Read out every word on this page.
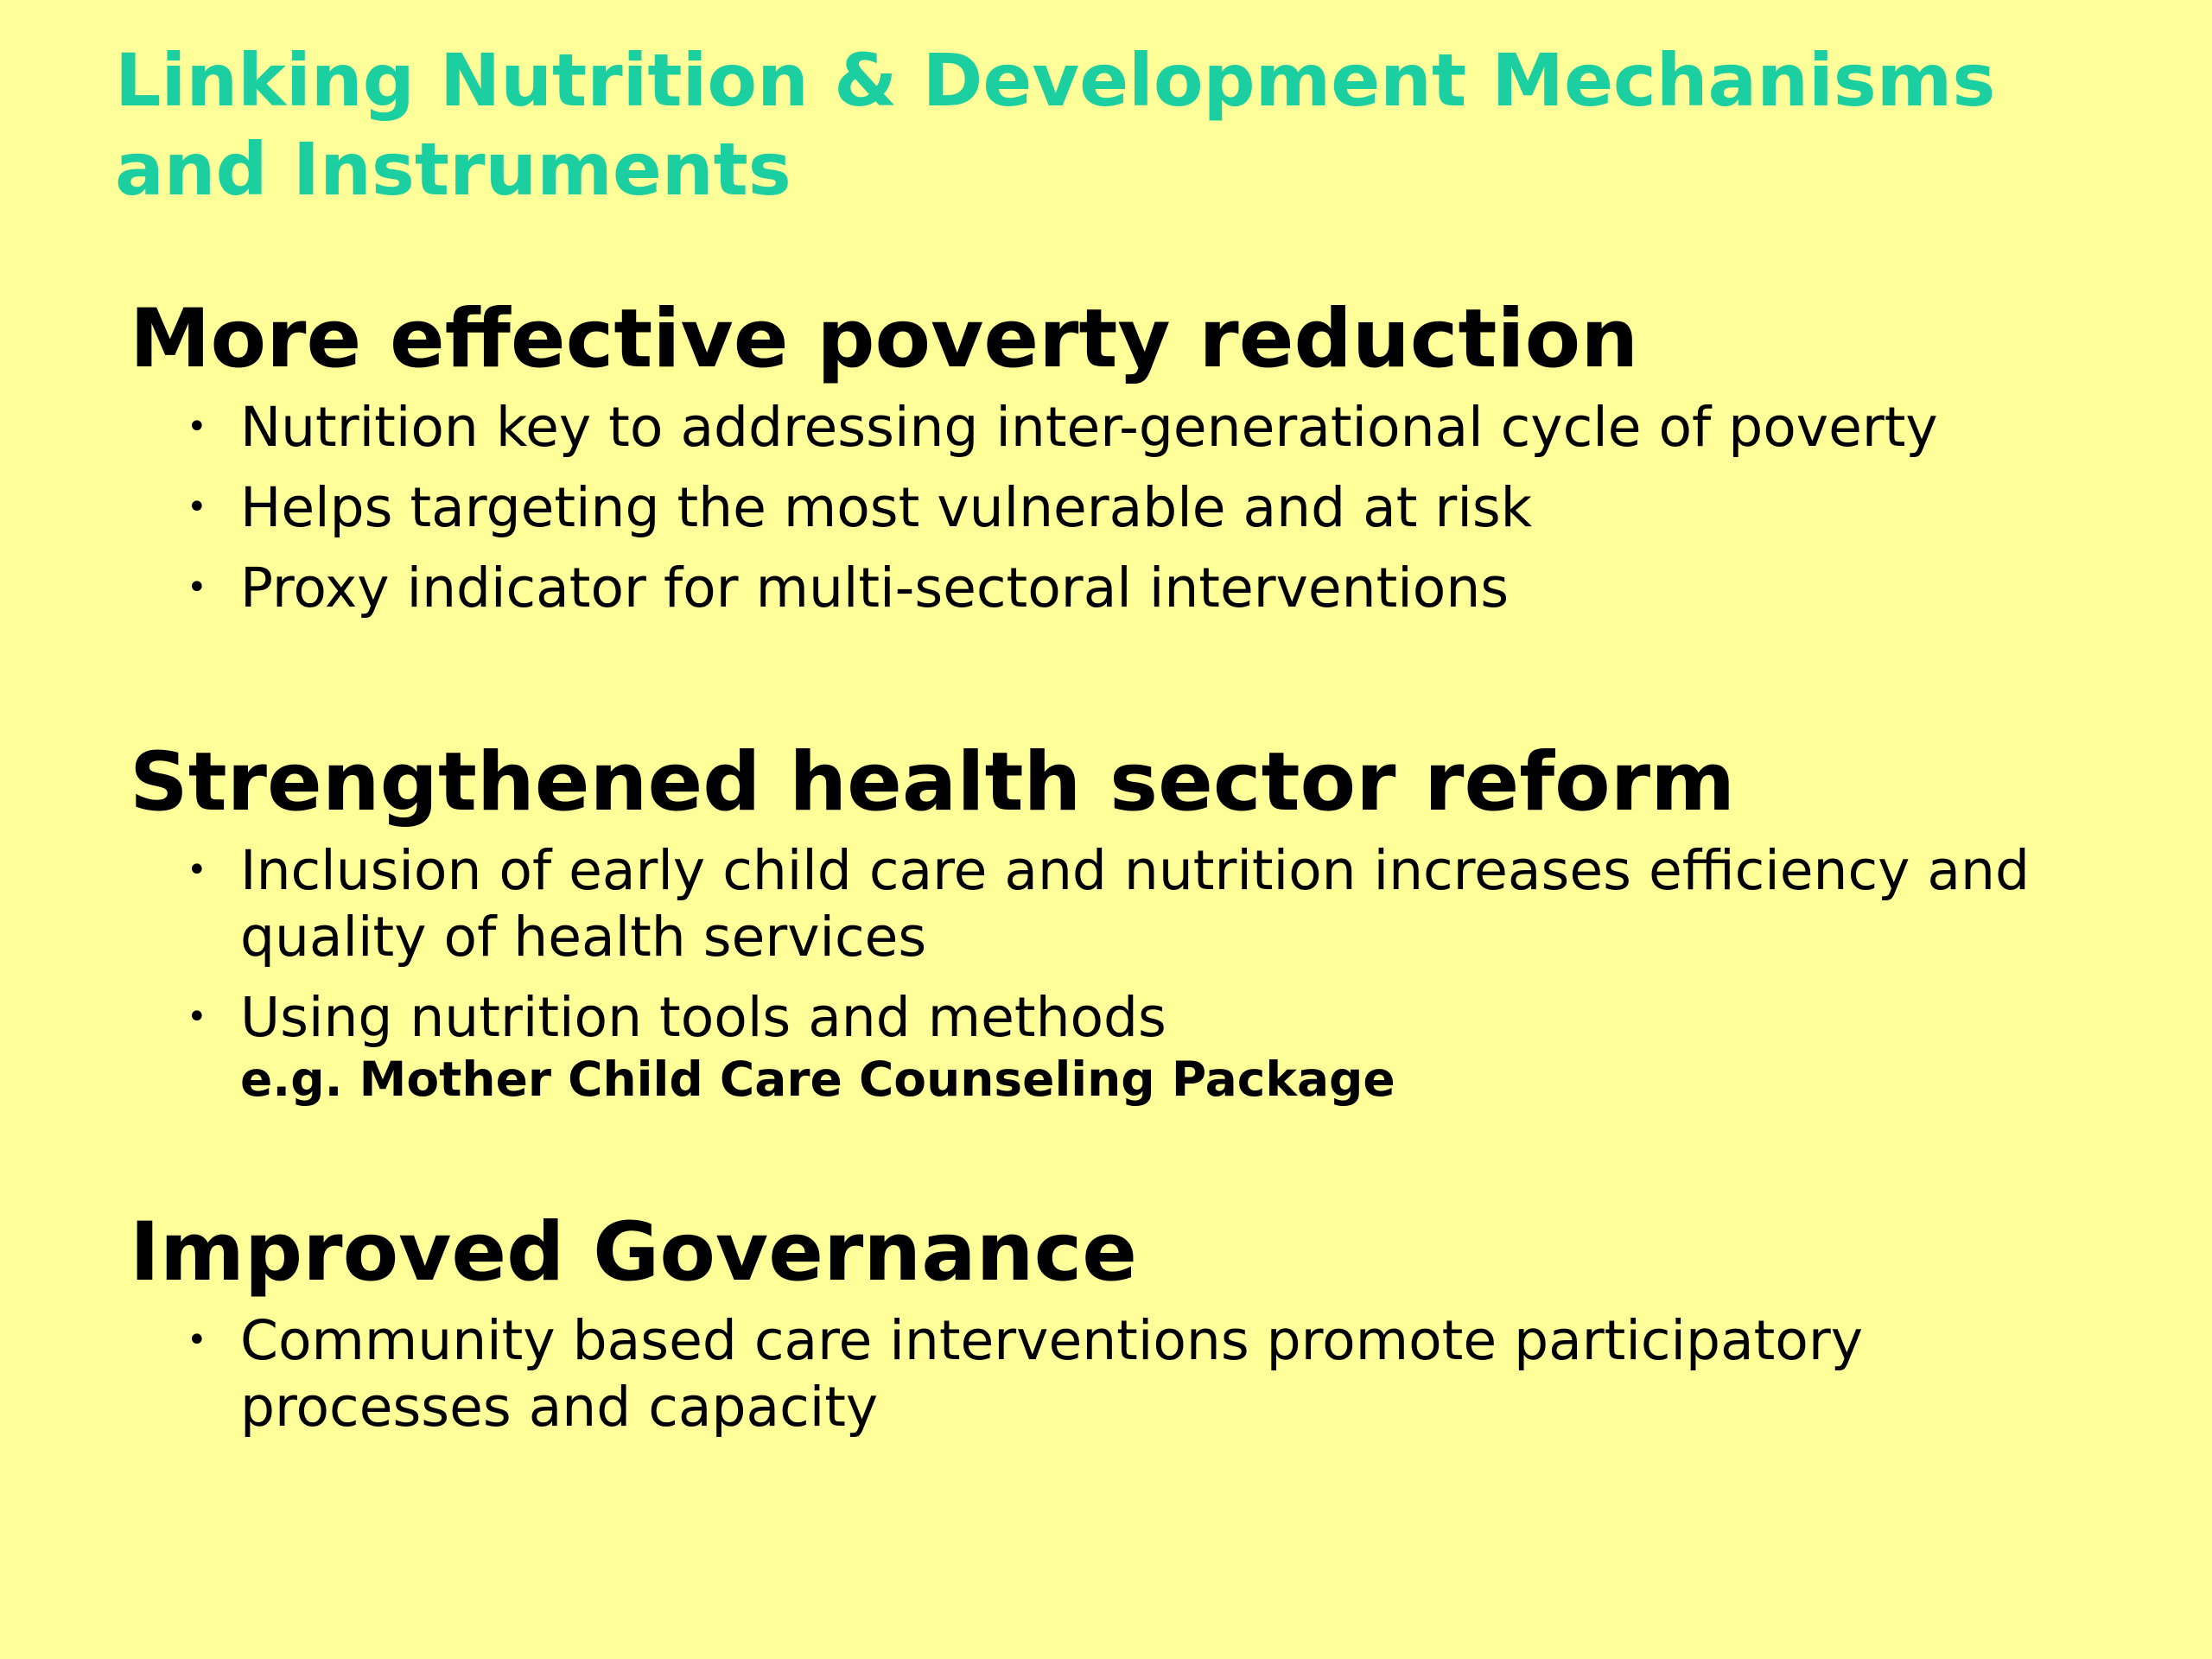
Linking Nutrition & Development Mechanisms
and Instruments
More effective poverty reduction
• Nutrition key to addressing inter-generational cycle of poverty
• Helps targeting the most vulnerable and at risk
• Proxy indicator for multi-sectoral interventions
Strengthened health sector reform
• Inclusion of early child care and nutrition increases efficiency and quality of health services
• Using nutrition tools and methods
e.g. Mother Child Care Counseling Package
Improved Governance
• Community based care interventions promote participatory processes and capacity
